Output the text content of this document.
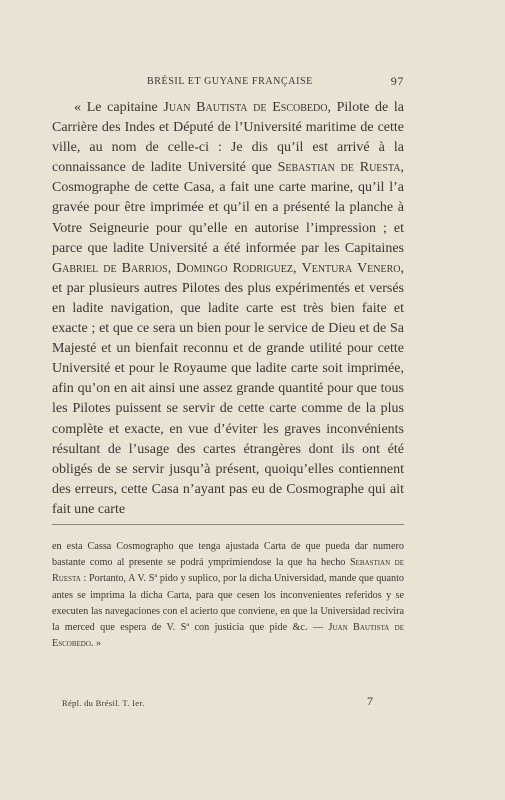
BRÉSIL ET GUYANE FRANÇAISE	97

« Le capitaine Juan Bautista de Escobedo, Pilote de la Carrière des Indes et Député de l’Université maritime de cette ville, au nom de celle-ci : Je dis qu’il est arrivé à la connaissance de ladite Université que Sebastian de Ruesta, Cosmographe de cette Casa, a fait une carte marine, qu’il l’a gravée pour être imprimée et qu’il en a présenté la planche à Votre Seigneurie pour qu’elle en autorise l’impression ; et parce que ladite Université a été informée par les Capitaines Gabriel de Barrios, Domingo Rodriguez, Ventura Venero, et par plusieurs autres Pilotes des plus expérimentés et versés en ladite navigation, que ladite carte est très bien faite et exacte ; et que ce sera un bien pour le service de Dieu et de Sa Majesté et un bienfait reconnu et de grande utilité pour cette Université et pour le Royaume que ladite carte soit imprimée, afin qu’on en ait ainsi une assez grande quantité pour que tous les Pilotes puissent se servir de cette carte comme de la plus complète et exacte, en vue d’éviter les graves inconvénients résultant de l’usage des cartes étrangères dont ils ont été obligés de se servir jusqu’à présent, quoiqu’elles contiennent des erreurs, cette Casa n’ayant pas eu de Cosmographe qui ait fait une carte

en esta Cassa Cosmographo que tenga ajustada Carta de que pueda dar numero bastante como al presente se podrá ymprimiendose la que ha hecho Sebastian de Ruesta : Portanto, A V. Sª pido y suplico, por la dicha Universidad, mande que quanto antes se imprima la dicha Carta, para que cesen los inconvenientes referidos y se executen las navegaciones con el acierto que conviene, en que la Universidad recivira la merced que espera de V. Sª con justicia que pide &c. — Juan Bautista de Escobedo. »

Répl. du Brésil. T. Ier.	7
